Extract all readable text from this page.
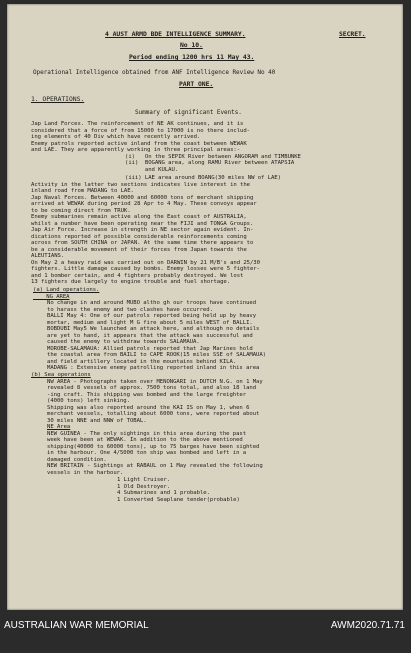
4 AUST ARMD BDE INTELLIGENCE SUMMARY.	SECRET.
No 10.
Period ending 1200 hrs 11 May 43.
Operational Intelligence obtained from ANF Intelligence Review No 40
PART ONE.
1. OPERATIONS.
Summary of significant Events.
Jap Land Forces. The reinforcement of NE AK continues, and it is
considered that a force of from 15000 to 17000 is no there includ-
ing elements of 40 Div which have recently arrived.
Enemy patrols reported active inland from the coast between WEWAK
and LAE. They are apparently working in three principal areas:-
(i)   On the SEPIK River between ANGORAM and TIMBUNKE
(ii)  BOGANG area, along RAMU River between ATAPSIA
and KULAU.
(iii) LAE area around BOANG(30 miles NW of LAE)
Activity in the latter two sections indicates live interest in the
inland road from MADANG to LAE.
Jap Naval Forces. Between 40000 and 60000 tons of merchant shipping
arrived at WEWAK during period 28 Apr to 4 May. These convoys appear
to be coming direct from TRUK.
Enemy submarines remain active along the East coast of AUSTRALIA,
whilst a number have been operating near the FIJI and TONGA Groups.
Jap Air Force. Increase in strength in NE sector again evident. In-
dications reported of possible considerable reinforcements coming
across from SOUTH CHINA or JAPAN. At the same time there appears to
be a considerable movement of their forces from Japan towards the
ALEUTIANS.
On May 2 a heavy raid was carried out on DARWIN by 21 M/B's and 25/30
fighters. Little damage caused by bombs. Enemy losses were 5 fighter-
and 1 bomber certain, and 4 fighters probably destroyed. We lost
13 fighters due largely to engine trouble and fuel shortage.
(a) Land operations.
NG AREA
No change in and around MUBO altho gh our troops have continued
to harass the enemy and two clashes have occurred.
BALLI May 4: One of our patrols reported being held up by heavy
mortar, medium and light M G fire about 5 miles WEST of BALLI.
BOBDUBI May5 We launched an attack here, and although no details
are yet to hand, it appears that the attack was successful and
caused the enemy to withdraw towards SALAMAUA.
MOROBE-SALAMAUA: Allied patrols reported that Jap Marines hold
the coastal area from BAILI to CAPE ROOK(15 miles SSE of SALAMAUA)
and field artillery located in the mountains behind KILA.
MADANG : Extensive enemy patrolling reported inland in this area
(b) Sea operations
NW AREA - Photographs taken over MENONGARI in DUTCH N.G. on 1 May
revealed 8 vessels of approx. 7500 tons total, and also 18 land
-ing craft. This shipping was bombed and the large freighter
(4000 tons) left sinking.
Shipping was also reported around the KAI IS on May 1, when 6
merchant vessels, totalling about 6000 tons, were reported about
30 miles NNE and NNW of TOBAL.
NE Area
NEW GUINEA - The only sightings in this area during the past
week have been at WEWAK. In addition to the above mentioned
shipping(40000 to 60000 tons), up to 75 barges have been sighted
in the harbour. One 4/5000 ton ship was bombed and left in a
damaged condition.
NEW BRITAIN - Sightings at RABAUL on 1 May revealed the following
vessels in the harbour.
1 Light Cruiser.
1 Old Destroyer.
4 Submarines and 1 probable.
1 Converted Seaplane tender(probable)
AUSTRALIAN WAR MEMORIAL	AWM2020.71.71
